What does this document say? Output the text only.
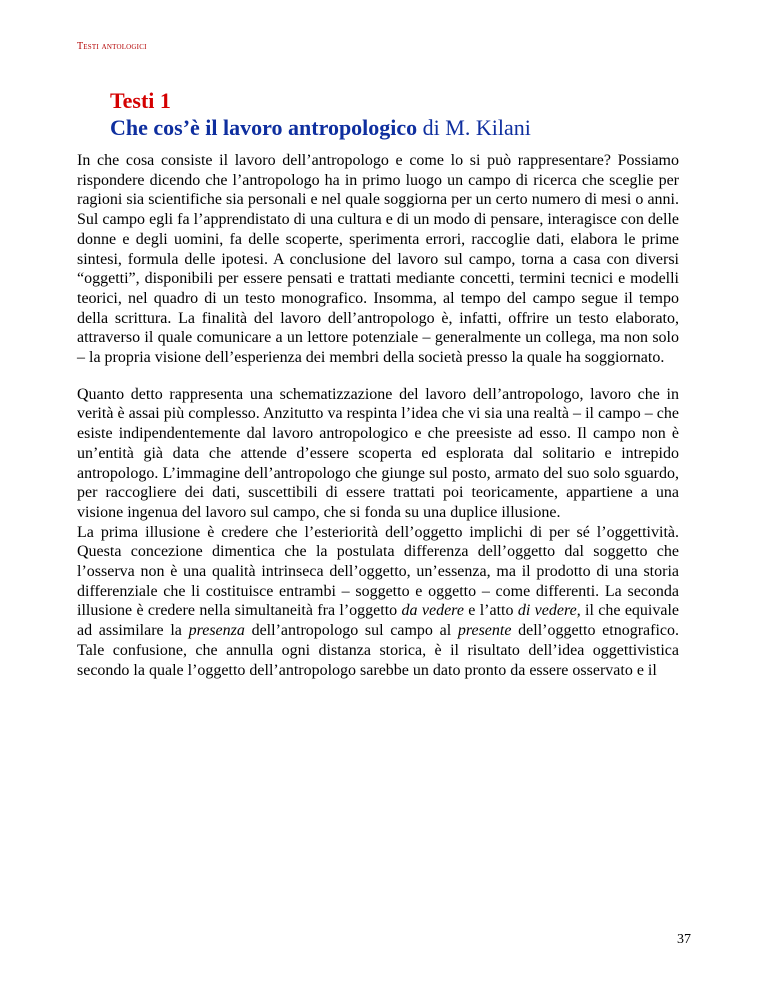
Testi antologici
Testi 1
Che cos’è il lavoro antropologico di M. Kilani

In che cosa consiste il lavoro dell’antropologo e come lo si può rappresentare? Possiamo rispondere dicendo che l’antropologo ha in primo luogo un campo di ricerca che sceglie per ragioni sia scientifiche sia personali e nel quale soggiorna per un certo numero di mesi o anni. Sul campo egli fa l’apprendistato di una cultura e di un modo di pensare, interagisce con delle donne e degli uomini, fa delle scoperte, sperimenta errori, raccoglie dati, elabora le prime sintesi, formula delle ipotesi. A conclusione del lavoro sul campo, torna a casa con diversi “oggetti”, disponibili per essere pensati e trattati mediante concetti, termini tecnici e modelli teorici, nel quadro di un testo monografico. Insomma, al tempo del campo segue il tempo della scrittura. La finalità del lavoro dell’antropologo è, infatti, offrire un testo elaborato, attraverso il quale comunicare a un lettore potenziale – generalmente un collega, ma non solo – la propria visione dell’esperienza dei membri della società presso la quale ha soggiornato.

Quanto detto rappresenta una schematizzazione del lavoro dell’antropologo, lavoro che in verità è assai più complesso. Anzitutto va respinta l’idea che vi sia una realtà – il campo – che esiste indipendentemente dal lavoro antropologico e che preesiste ad esso. Il campo non è un’entità già data che attende d’essere scoperta ed esplorata dal solitario e intrepido antropologo. L’immagine dell’antropologo che giunge sul posto, armato del suo solo sguardo, per raccogliere dei dati, suscettibili di essere trattati poi teoricamente, appartiene a una visione ingenua del lavoro sul campo, che si fonda su una duplice illusione.

La prima illusione è credere che l’esteriorità dell’oggetto implichi di per sé l’oggettività. Questa concezione dimentica che la postulata differenza dell’oggetto dal soggetto che l’osserva non è una qualità intrinseca dell’oggetto, un’essenza, ma il prodotto di una storia differenziale che li costituisce entrambi – soggetto e oggetto – come differenti. La seconda illusione è credere nella simultaneità fra l’oggetto da vedere e l’atto di vedere, il che equivale ad assimilare la presenza dell’antropologo sul campo al presente dell’oggetto etnografico. Tale confusione, che annulla ogni distanza storica, è il risultato dell’idea oggettivistica secondo la quale l’oggetto dell’antropologo sarebbe un dato pronto da essere osservato e il

37
